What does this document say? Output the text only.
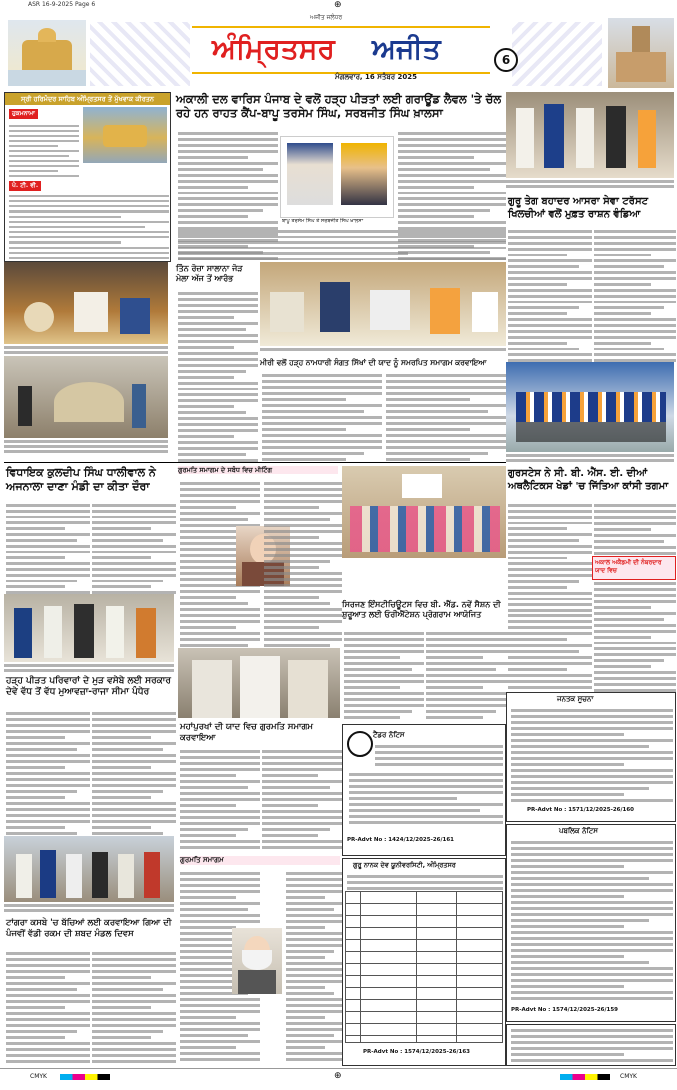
ASR 16-9-2025 Page 6	⊕
ਅੰਮ੍ਰਿਤਸਰ ਅਜੀਤ
ਅਜੀਤ ਜਲੰਧਰ
ਮੰਗਲਵਾਰ, 16 ਸਤੰਬਰ 2025
6
ਸ੍ਰੀ ਹਰਿਮੰਦਰ ਸਾਹਿਬ ਅੰਮ੍ਰਿਤਸਰ ਤੋਂ ਮੁੱਖਵਾਕ ਕੀਰਤਨ
ਹੁਕਮਨਾਮਾ
ਪੰ. ਟੀ. ਵੀ.
ਅਕਾਲੀ ਦਲ ਵਾਰਿਸ ਪੰਜਾਬ ਦੇ ਵਲੋਂ ਹੜ੍ਹ ਪੀੜਤਾਂ ਲਈ ਗਰਾਊਂਡ ਲੈਵਲ 'ਤੇ ਚੱਲ ਰਹੇ ਹਨ ਰਾਹਤ ਕੈਂਪ-ਬਾਪੂ ਤਰਸੇਮ ਸਿੰਘ, ਸਰਬਜੀਤ ਸਿੰਘ ਖ਼ਾਲਸਾ
ਬਾਪੂ ਤਰਸੇਮ ਸਿੰਘ ਤੇ ਸਰਬਜੀਤ ਸਿੰਘ ਖ਼ਾਲਸਾ
ਗੁਰੂ ਤੇਗ ਬਹਾਦਰ ਆਸਰਾ ਸੇਵਾ ਟਰੱਸਟ ਖਿਲਚੀਆਂ ਵਲੋਂ ਮੁਫ਼ਤ ਰਾਸ਼ਨ ਵੰਡਿਆ
ਤਿੰਨ ਰੋਜ਼ਾ ਸਾਲਾਨਾ ਜੋੜ ਮੇਲਾ ਅੱਜ ਤੋਂ ਆਰੰਭ
ਮੀਰੀ ਵਲੋਂ ਹੜ੍ਹ ਨਾਮਧਾਰੀ ਸੰਗਤ ਸਿੱਖਾਂ ਦੀ ਯਾਦ ਨੂੰ ਸਮਰਪਿਤ ਸਮਾਗਮ ਕਰਵਾਇਆ
ਵਿਧਾਇਕ ਕੁਲਦੀਪ ਸਿੰਘ ਧਾਲੀਵਾਲ ਨੇ ਅਜਨਾਲਾ ਦਾਣਾ ਮੰਡੀ ਦਾ ਕੀਤਾ ਦੌਰਾ
ਗੁਰਮਤਿ ਸਮਾਗਮ ਦੇ ਸਬੰਧ ਵਿਚ ਮੀਟਿੰਗ
ਸਿਰਜਣ ਇੰਸਟੀਚਿਊਟਸ ਵਿਚ ਬੀ. ਐੱਡ. ਨਵੇਂ ਸੈਸ਼ਨ ਦੀ ਸ਼ੁਰੂਆਤ ਲਈ ਓਰੀਐਂਟੇਸ਼ਨ ਪ੍ਰੋਗਰਾਮ ਆਯੋਜਿਤ
ਗੁਰਸਟੇਸ ਨੇ ਸੀ. ਬੀ. ਐੱਸ. ਈ. ਦੀਆਂ ਅਥਲੈਟਿਕਸ ਖੇਡਾਂ 'ਚ ਜਿੱਤਿਆ ਕਾਂਸੀ ਤਗਮਾ
ਅਕਾਲ ਅਕੈਡਮੀ ਦੀ ਨੰਬਰਦਾਰ ਯਾਦ ਵਿਚ
ਹੜ੍ਹ ਪੀੜਤ ਪਰਿਵਾਰਾਂ ਦੇ ਮੁੜ ਵਸੇਬੇ ਲਈ ਸਰਕਾਰ ਦੇਵੇ ਵੱਧ ਤੋਂ ਵੱਧ ਮੁਆਵਜ਼ਾ-ਰਾਜਾ ਸੀਮਾ ਪੰਧੇਰ
ਮਹਾਂਪੁਰਖਾਂ ਦੀ ਯਾਦ ਵਿਚ ਗੁਰਮਤਿ ਸਮਾਗਮ ਕਰਵਾਇਆ	ਟੈਂਡਰ ਨੋਟਿਸ
PR-Advt No : 1424/12/2025-26/161
ਜਨਤਕ ਸੂਚਨਾ
PR-Advt No : 1571/12/2025-26/160
ਪਬਲਿਕ ਨੋਟਿਸ
PR-Advt No : 1574/12/2025-26/159
ਟਾਂਗਰਾ ਕਸਬੇ 'ਚ ਬੱਚਿਆਂ ਲਈ ਕਰਵਾਇਆ ਗਿਆ ਦੀ ਪੰਜਵੀਂ ਵੱਡੀ ਰਕਮ ਦੀ ਸ਼ਬਦ ਮੰਡਲ ਦਿਵਸ
ਗੁਰਮਤਿ ਸਮਾਗਮ
ਗੁਰੂ ਨਾਨਕ ਦੇਵ ਯੂਨੀਵਰਸਿਟੀ, ਅੰਮ੍ਰਿਤਸਰ
PR-Advt No : 1574/12/2025-26/163
CMYK	⊕	CMYK
